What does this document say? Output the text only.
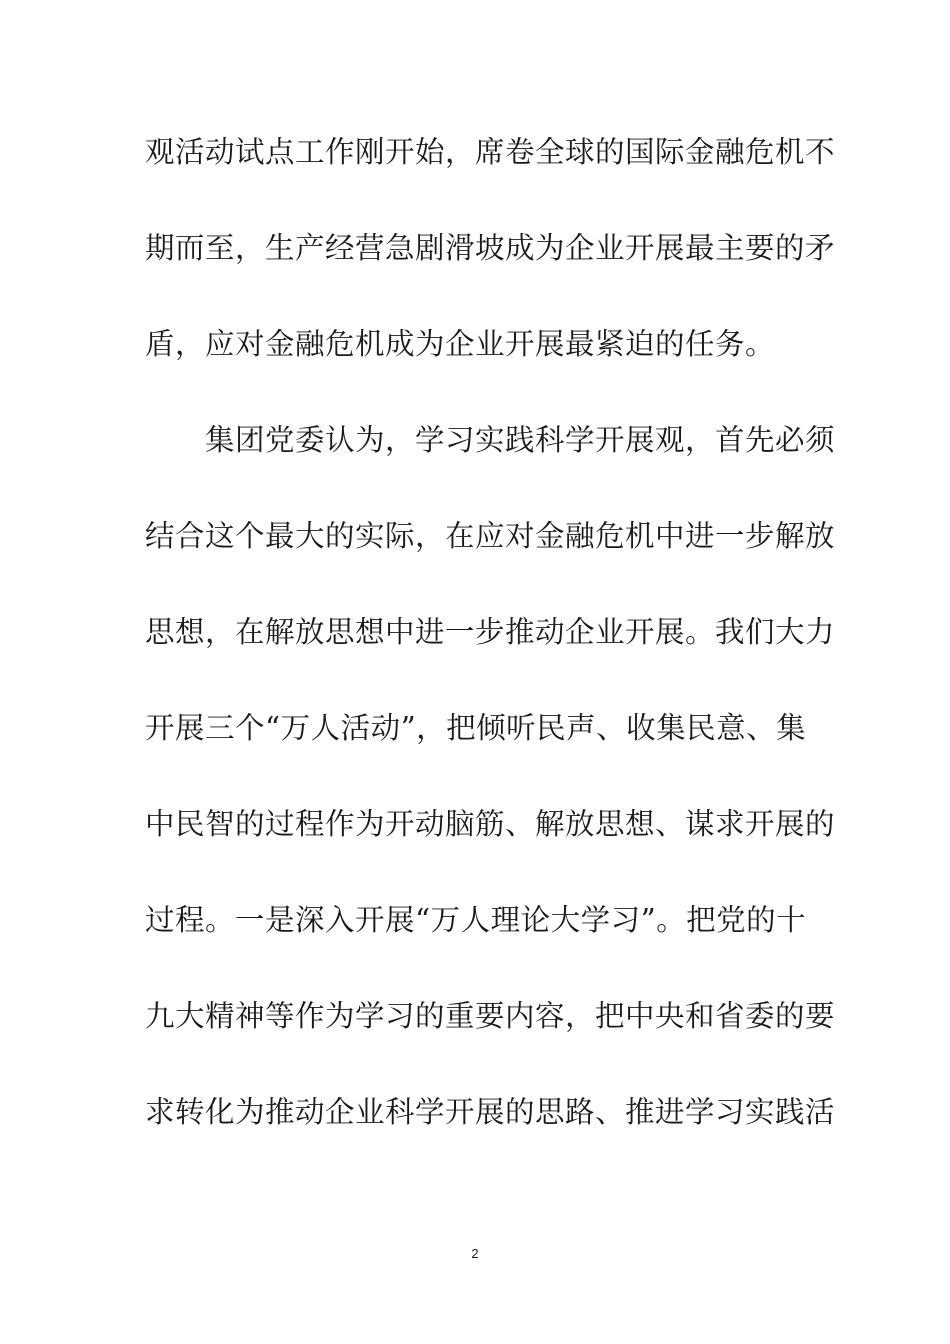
观活动试点工作刚开始，席卷全球的国际金融危机不
期而至，生产经营急剧滑坡成为企业开展最主要的矛
盾，应对金融危机成为企业开展最紧迫的任务。
　　集团党委认为，学习实践科学开展观，首先必须
结合这个最大的实际，在应对金融危机中进一步解放
思想，在解放思想中进一步推动企业开展。我们大力
开展三个“万人活动”，把倾听民声、收集民意、集
中民智的过程作为开动脑筋、解放思想、谋求开展的
过程。一是深入开展“万人理论大学习”。把党的十
九大精神等作为学习的重要内容，把中央和省委的要
求转化为推动企业科学开展的思路、推进学习实践活
2
